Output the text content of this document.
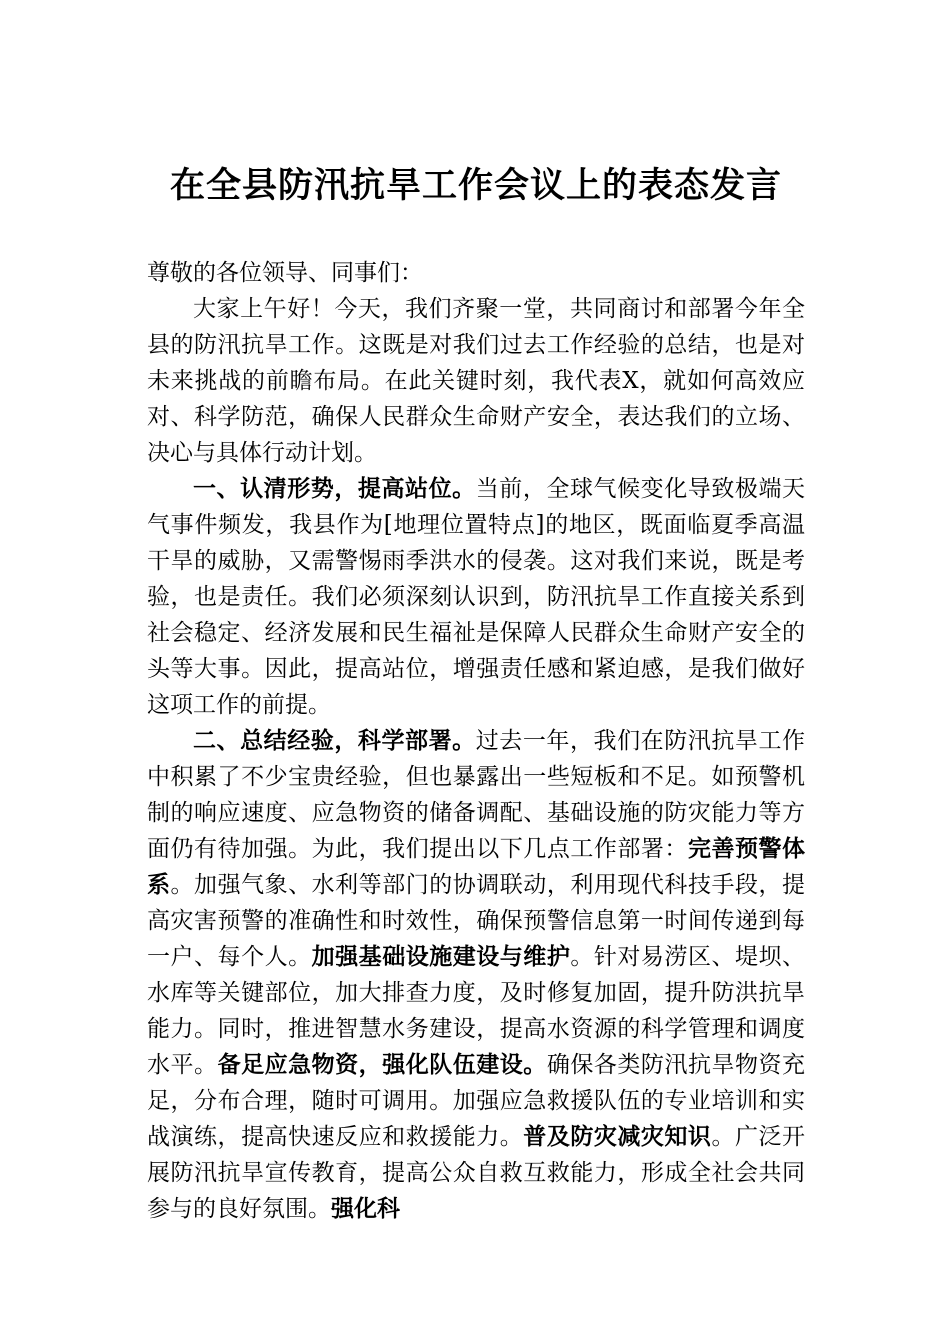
在全县防汛抗旱工作会议上的表态发言

尊敬的各位领导、同事们：

大家上午好！今天，我们齐聚一堂，共同商讨和部署今年全县的防汛抗旱工作。这既是对我们过去工作经验的总结，也是对未来挑战的前瞻布局。在此关键时刻，我代表X，就如何高效应对、科学防范，确保人民群众生命财产安全，表达我们的立场、决心与具体行动计划。

一、认清形势，提高站位。当前，全球气候变化导致极端天气事件频发，我县作为[地理位置特点]的地区，既面临夏季高温干旱的威胁，又需警惕雨季洪水的侵袭。这对我们来说，既是考验，也是责任。我们必须深刻认识到，防汛抗旱工作直接关系到社会稳定、经济发展和民生福祉是保障人民群众生命财产安全的头等大事。因此，提高站位，增强责任感和紧迫感，是我们做好这项工作的前提。

二、总结经验，科学部署。过去一年，我们在防汛抗旱工作中积累了不少宝贵经验，但也暴露出一些短板和不足。如预警机制的响应速度、应急物资的储备调配、基础设施的防灾能力等方面仍有待加强。为此，我们提出以下几点工作部署：完善预警体系。加强气象、水利等部门的协调联动，利用现代科技手段，提高灾害预警的准确性和时效性，确保预警信息第一时间传递到每一户、每个人。加强基础设施建设与维护。针对易涝区、堤坝、水库等关键部位，加大排查力度，及时修复加固，提升防洪抗旱能力。同时，推进智慧水务建设，提高水资源的科学管理和调度水平。备足应急物资，强化队伍建设。确保各类防汛抗旱物资充足，分布合理，随时可调用。加强应急救援队伍的专业培训和实战演练，提高快速反应和救援能力。普及防灾减灾知识。广泛开展防汛抗旱宣传教育，提高公众自救互救能力，形成全社会共同参与的良好氛围。强化科
